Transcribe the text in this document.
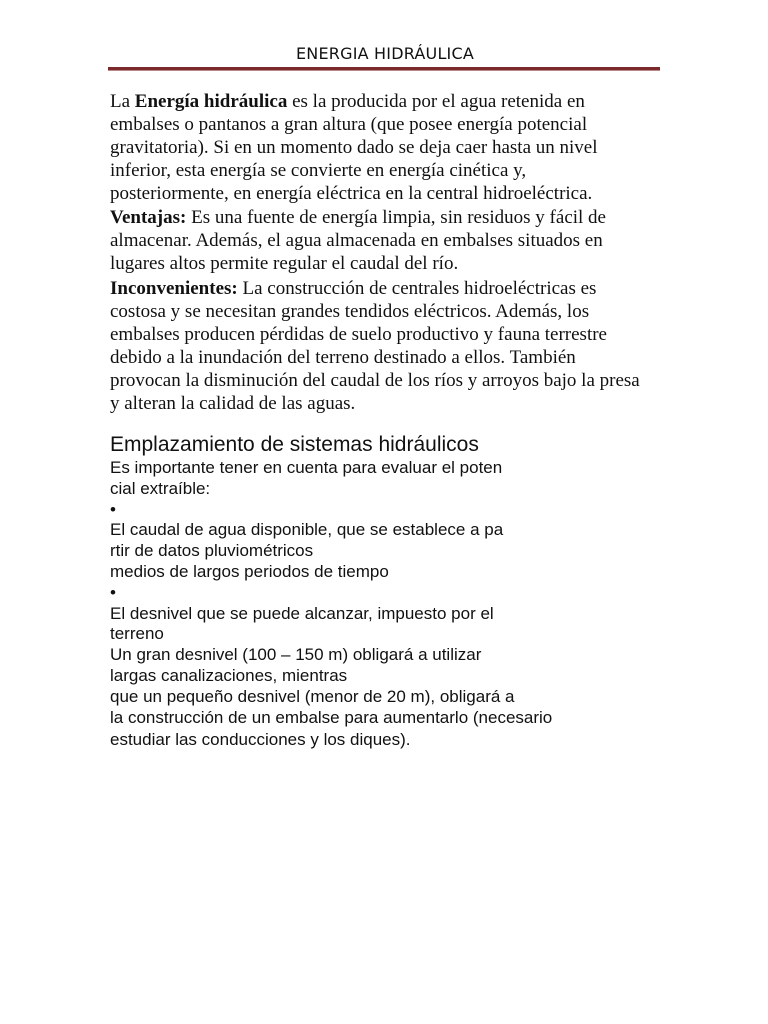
ENERGIA HIDRÁULICA

La Energía hidráulica es la producida por el agua retenida en

embalses o pantanos a gran altura (que posee energía potencial

gravitatoria). Si en un momento dado se deja caer hasta un nivel

inferior, esta energía se convierte en energía cinética y,

posteriormente, en energía eléctrica en la central hidroeléctrica.

Ventajas: Es una fuente de energía limpia, sin residuos y fácil de

almacenar. Además, el agua almacenada en embalses situados en

lugares altos permite regular el caudal del río.

Inconvenientes: La construcción de centrales hidroeléctricas es

costosa y se necesitan grandes tendidos eléctricos. Además, los

embalses producen pérdidas de suelo productivo y fauna terrestre

debido a la inundación del terreno destinado a ellos. También

provocan la disminución del caudal de los ríos y arroyos bajo la presa

y alteran la calidad de las aguas.

Emplazamiento de sistemas hidráulicos
Es importante tener en cuenta para evaluar el poten
cial extraíble:
•
El caudal de agua disponible, que se establece a pa
rtir de datos pluviométricos
medios de largos periodos de tiempo
•
El desnivel que se puede alcanzar, impuesto por el
terreno
Un gran desnivel (100 – 150 m) obligará a utilizar
largas canalizaciones, mientras
que un pequeño desnivel (menor de 20 m), obligará a
la construcción de un embalse para aumentarlo (necesario
estudiar las conducciones y los diques).
